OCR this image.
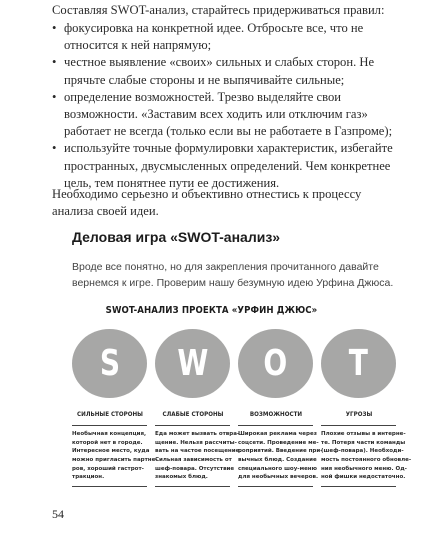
Составляя SWOT-анализ, старайтесь придерживаться правил:

• фокусировка на конкретной идее. Отбросьте все, что не относится к ней напрямую;
• честное выявление «своих» сильных и слабых сторон. Не прячьте слабые стороны и не выпячивайте сильные;
• определение возможностей. Трезво выделяйте свои возможности. «Заставим всех ходить или отключим газ» работает не всегда (только если вы не работаете в Газпроме);
• используйте точные формулировки характеристик, избегайте пространных, двусмысленных определений. Чем конкретнее цель, тем понятнее пути ее достижения.

Необходимо серьезно и объективно отнестись к процессу анализа своей идеи.

Деловая игра «SWOT-анализ»

Вроде все понятно, но для закрепления прочитанного давайте вернемся к игре. Проверим нашу безумную идею Урфина Джюса.

SWOT-АНАЛИЗ ПРОЕКТА «УРФИН ДЖЮС»
S
СИЛЬНЫЕ СТОРОНЫ
Необычная концепция,
которой нет в городе.
Интересное место, куда
можно пригласить партне-
ров, хороший гастрот-
тракцион.
W
СЛАБЫЕ СТОРОНЫ
Еда может вызвать отвра-
щение. Нельзя рассчиты-
вать на частое посещение.
Сильная зависимость от
шеф-повара. Отсутствие
знакомых блюд.
O
ВОЗМОЖНОСТИ
Широкая реклама через
соцсети. Проведение ме-
роприятий. Введение при-
вычных блюд. Создание
специального шоу-меню
для необычных вечеров.
T
УГРОЗЫ
Плохие отзывы в интерне-
те. Потеря части команды
(шеф-повара). Необходи-
мость постоянного обновле-
ния необычного меню. Од-
ной фишки недостаточно.
54
